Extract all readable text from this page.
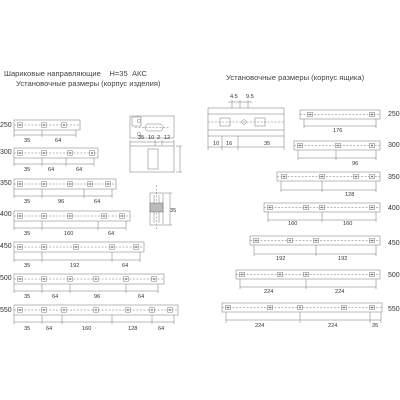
Шариковые направляющие H=35 АКС
Установочные размеры (корпус изделия)
Установочные размеры (корпус ящика)
250
300
350
400
450
500
550
250
300
350
400
450
500
550
35	64
35	64	64
35	96	64
35	160	64
35	192	64
35	64	96	64
35	64	160	128	64
176
96
128
160	160
192	192
224	224
224	224	35
35 10 2 12
35
4.5 9.5
10 16	35
